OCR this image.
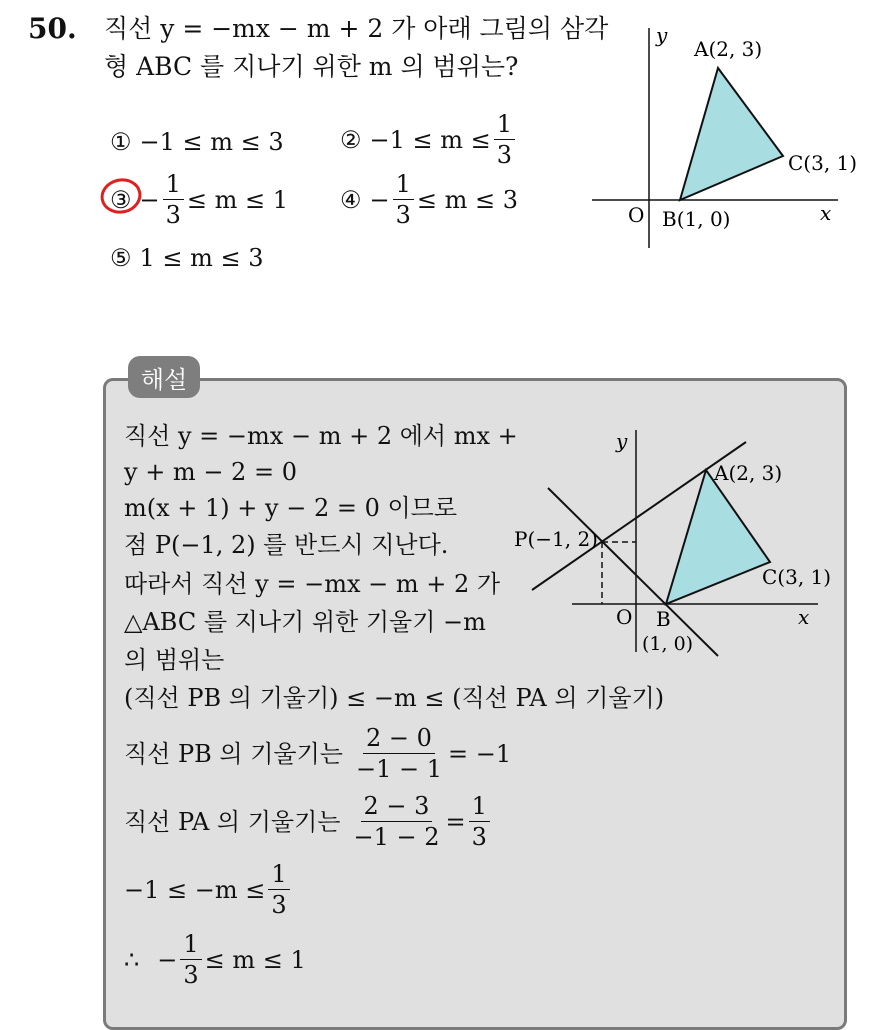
50. 직선 y = −mx − m + 2 가 아래 그림의 삼각
형 ABC 를 지나기 위한 m 의 범위는?
① −1 ≤ m ≤ 3 ② $-1 \le m \le \frac{1}{3}$
③ − $\frac{1}{3} \le m \le 1$ ④ − $\frac{1}{3} \le m \le 3$
⑤ 1 ≤ m ≤ 3
y
x
O
A(2, 3)
C(3, 1)
B(1, 0)
해설
직선 y = −mx − m + 2 에서 mx +
y + m − 2 = 0
m(x + 1) + y − 2 = 0 이므로
점 P(−1, 2) 를 반드시 지난다.
따라서 직선 y = −mx − m + 2 가
△ABC 를 지나기 위한 기울기 −m
의 범위는
(직선 PB 의 기울기) ≤ −m ≤ (직선 PA 의 기울기)
직선 PB 의 기울기는 $\frac{2 - 0}{-1 - 1} = -1$
직선 PA 의 기울기는 $\frac{2 - 3}{-1 - 2} = \frac{1}{3}$
$-1 \le -m \le \frac{1}{3}$
∴ − $\frac{1}{3} \le m \le 1$
y
x
O
P(−1, 2)
A(2, 3)
C(3, 1)
B
(1, 0)
